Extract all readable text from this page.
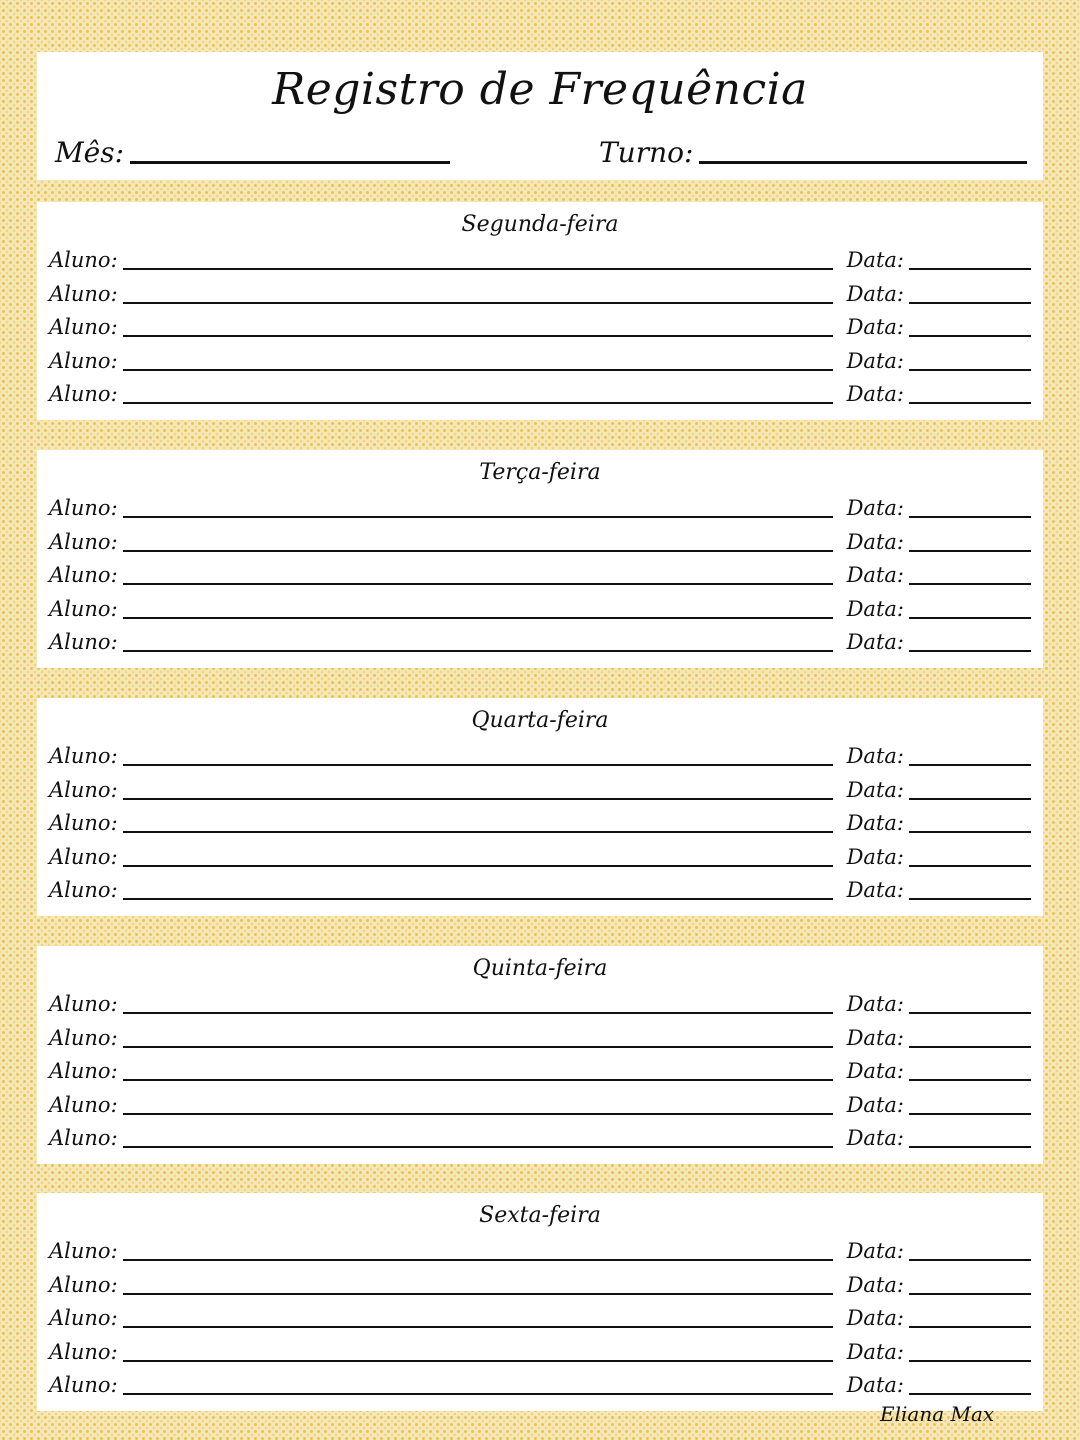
Registro de Frequência
Mês:	Turno:
Segunda-feira
Aluno:	Data:
Aluno:	Data:
Aluno:	Data:
Aluno:	Data:
Aluno:	Data:
Terça-feira
Aluno:	Data:
Aluno:	Data:
Aluno:	Data:
Aluno:	Data:
Aluno:	Data:
Quarta-feira
Aluno:	Data:
Aluno:	Data:
Aluno:	Data:
Aluno:	Data:
Aluno:	Data:
Quinta-feira
Aluno:	Data:
Aluno:	Data:
Aluno:	Data:
Aluno:	Data:
Aluno:	Data:
Sexta-feira
Aluno:	Data:
Aluno:	Data:
Aluno:	Data:
Aluno:	Data:
Aluno:	Data:
Eliana Max
